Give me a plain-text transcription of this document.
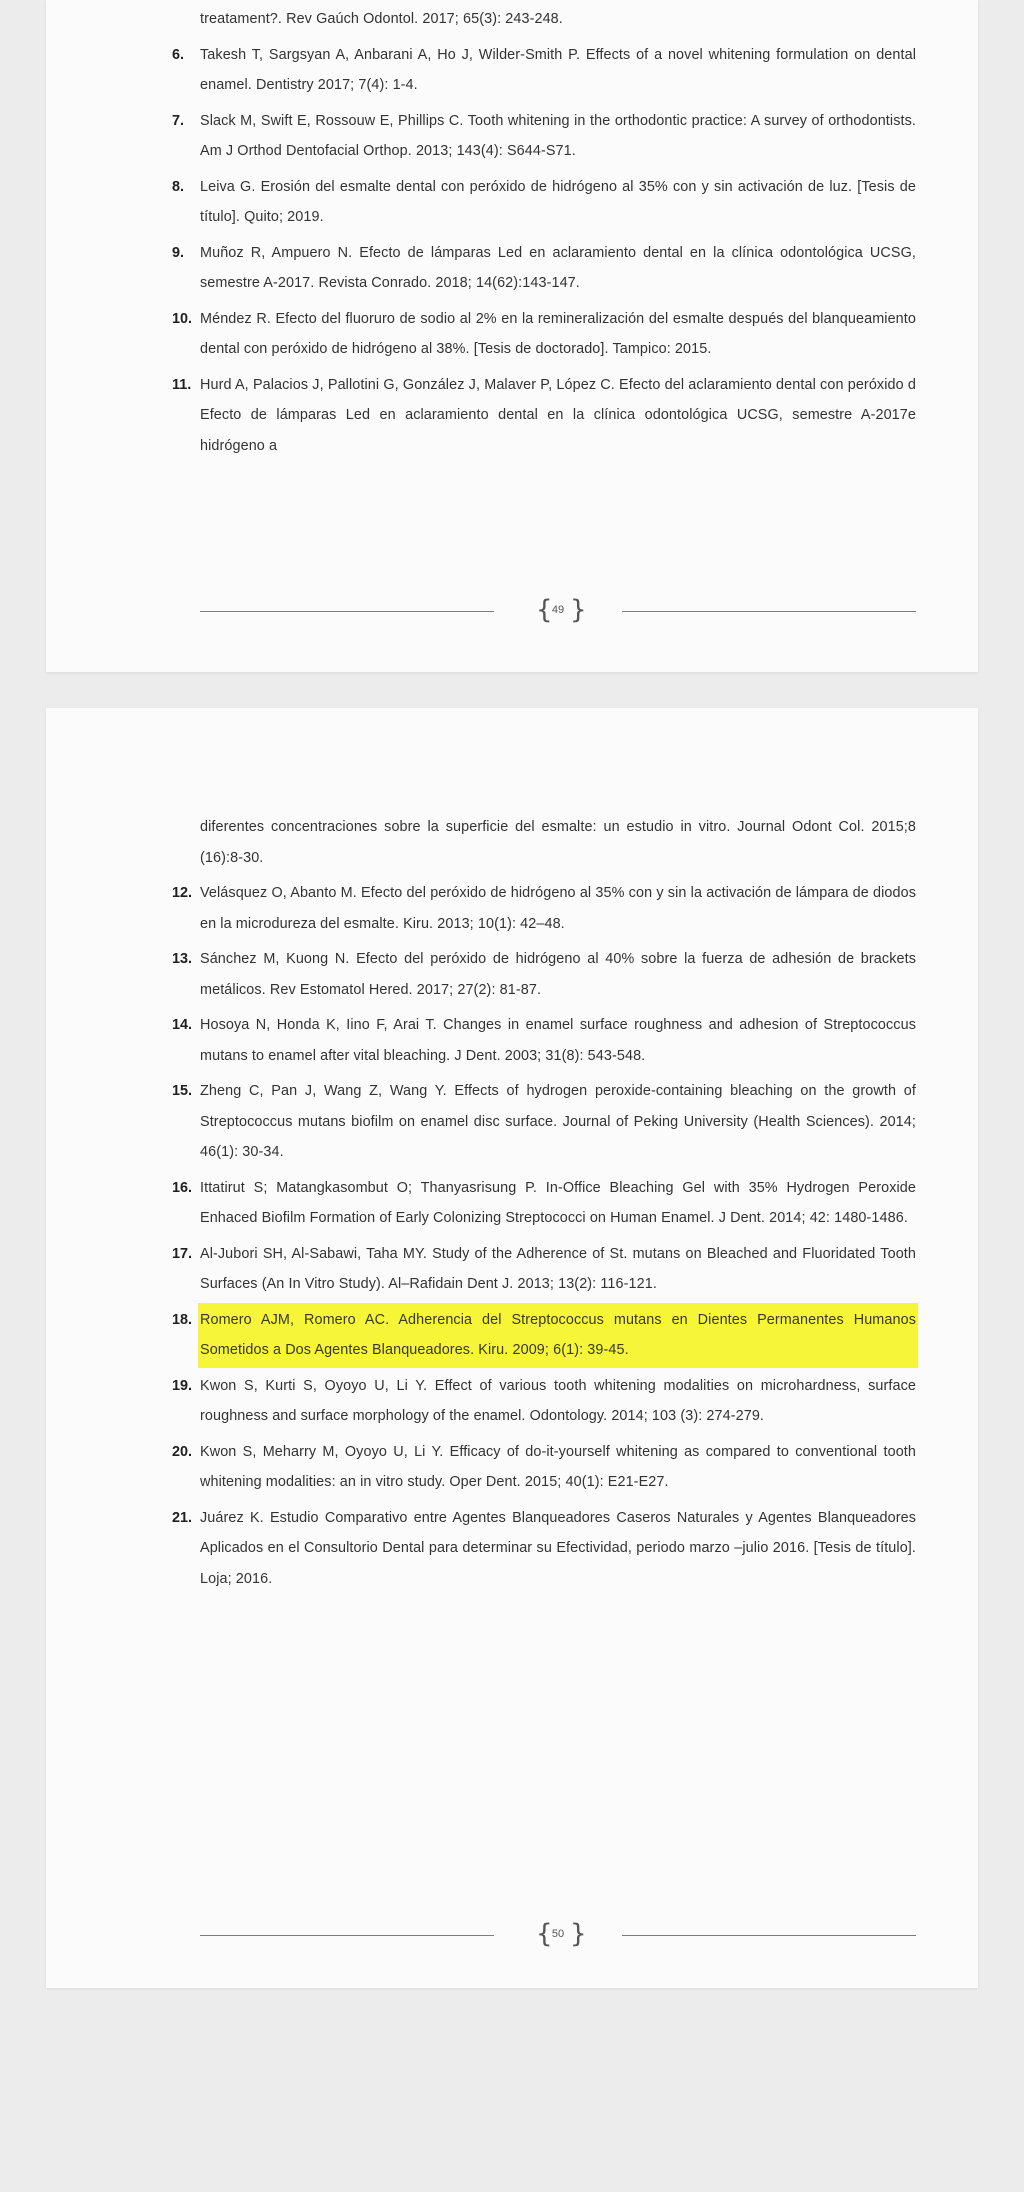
treatament?. Rev Gaúch Odontol. 2017; 65(3): 243-248.
6.	Takesh T, Sargsyan A, Anbarani A, Ho J, Wilder-Smith P. Effects of a novel whitening formulation on dental enamel. Dentistry 2017; 7(4): 1-4.
7.	Slack M, Swift E, Rossouw E, Phillips C. Tooth whitening in the orthodontic practice: A survey of orthodontists. Am J Orthod Dentofacial Orthop. 2013; 143(4): S644-S71.
8.	Leiva G. Erosión del esmalte dental con peróxido de hidrógeno al 35% con y sin activación de luz. [Tesis de título]. Quito; 2019.
9.	Muñoz R, Ampuero N. Efecto de lámparas Led en aclaramiento dental en la clínica odontológica UCSG, semestre A-2017. Revista Conrado. 2018; 14(62):143-147.
10. Méndez R. Efecto del fluoruro de sodio al 2% en la remineralización del esmalte después del blanqueamiento dental con peróxido de hidrógeno al 38%. [Tesis de doctorado]. Tampico: 2015.
11. Hurd A, Palacios J, Pallotini G, González J, Malaver P, López C. Efecto del aclaramiento dental con peróxido d Efecto de lámparas Led en aclaramiento dental en la clínica odontológica UCSG, semestre A-2017e hidrógeno a
{ 49 }
diferentes concentraciones sobre la superficie del esmalte: un estudio in vitro. Journal Odont Col. 2015;8 (16):8-30.
12. Velásquez O, Abanto M. Efecto del peróxido de hidrógeno al 35% con y sin la activación de lámpara de diodos en la microdureza del esmalte. Kiru. 2013; 10(1): 42–48.
13. Sánchez M, Kuong N. Efecto del peróxido de hidrógeno al 40% sobre la fuerza de adhesión de brackets metálicos. Rev Estomatol Hered. 2017; 27(2): 81-87.
14. Hosoya N, Honda K, Iino F, Arai T. Changes in enamel surface roughness and adhesion of Streptococcus mutans to enamel after vital bleaching. J Dent. 2003; 31(8): 543-548.
15. Zheng C, Pan J, Wang Z, Wang Y. Effects of hydrogen peroxide-containing bleaching on the growth of Streptococcus mutans biofilm on enamel disc surface. Journal of Peking University (Health Sciences). 2014; 46(1): 30-34.
16. Ittatirut S; Matangkasombut O; Thanyasrisung P. In-Office Bleaching Gel with 35% Hydrogen Peroxide Enhaced Biofilm Formation of Early Colonizing Streptococci on Human Enamel. J Dent. 2014; 42: 1480-1486.
17. Al-Jubori SH, Al-Sabawi, Taha MY. Study of the Adherence of St. mutans on Bleached and Fluoridated Tooth Surfaces (An In Vitro Study). Al–Rafidain Dent J. 2013; 13(2): 116-121.
18. Romero AJM, Romero AC. Adherencia del Streptococcus mutans en Dientes Permanentes Humanos Sometidos a Dos Agentes Blanqueadores. Kiru. 2009; 6(1): 39-45.
19. Kwon S, Kurti S, Oyoyo U, Li Y. Effect of various tooth whitening modalities on microhardness, surface roughness and surface morphology of the enamel. Odontology. 2014; 103 (3): 274-279.
20. Kwon S, Meharry M, Oyoyo U, Li Y. Efficacy of do-it-yourself whitening as compared to conventional tooth whitening modalities: an in vitro study. Oper Dent. 2015; 40(1): E21-E27.
21. Juárez K. Estudio Comparativo entre Agentes Blanqueadores Caseros Naturales y Agentes Blanqueadores Aplicados en el Consultorio Dental para determinar su Efectividad, periodo marzo –julio 2016. [Tesis de título]. Loja; 2016.
{ 50 }
